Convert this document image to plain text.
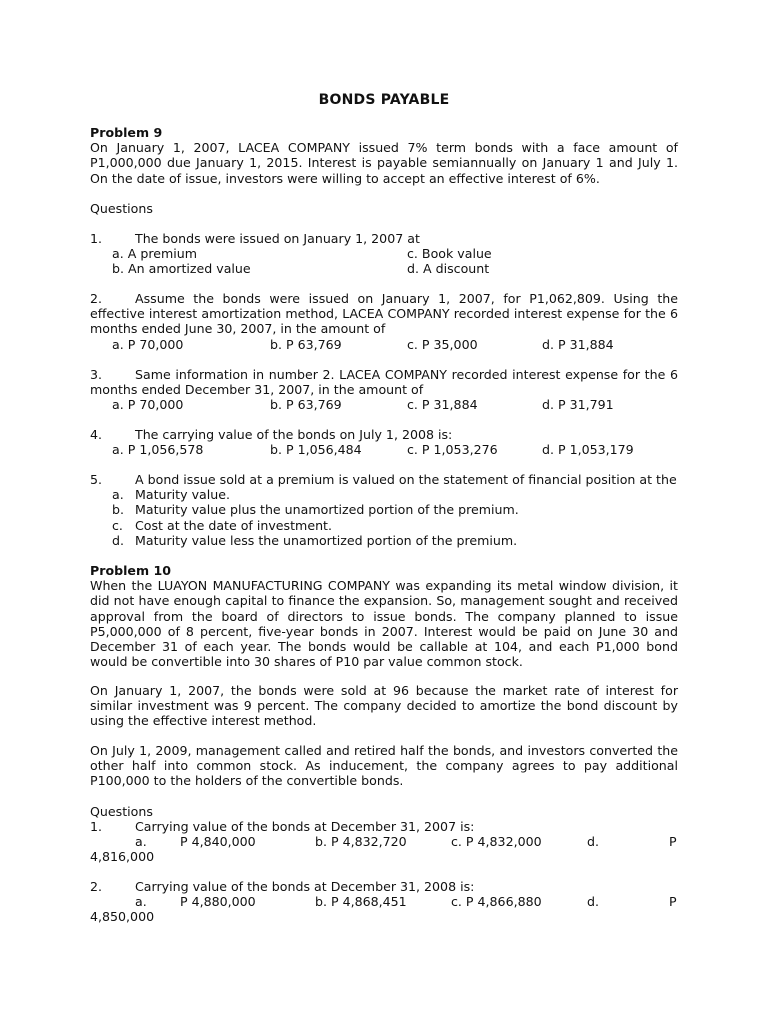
BONDS PAYABLE
Problem 9
On January 1, 2007, LACEA COMPANY issued 7% term bonds with a face amount of P1,000,000 due January 1, 2015. Interest is payable semiannually on January 1 and July 1. On the date of issue, investors were willing to accept an effective interest of 6%.
Questions
1.	The bonds were issued on January 1, 2007 at
a. A premium	c. Book value
b. An amortized value	d. A discount
2.	Assume the bonds were issued on January 1, 2007, for P1,062,809. Using the effective interest amortization method, LACEA COMPANY recorded interest expense for the 6 months ended June 30, 2007, in the amount of
a. P 70,000	b. P 63,769	c. P 35,000	d. P 31,884
3.	Same information in number 2. LACEA COMPANY recorded interest expense for the 6 months ended December 31, 2007, in the amount of
a. P 70,000	b. P 63,769	c. P 31,884	d. P 31,791
4.	The carrying value of the bonds on July 1, 2008 is:
a. P 1,056,578	b. P 1,056,484	c. P 1,053,276	d. P 1,053,179
5.	A bond issue sold at a premium is valued on the statement of financial position at the
a. Maturity value.
b. Maturity value plus the unamortized portion of the premium.
c. Cost at the date of investment.
d. Maturity value less the unamortized portion of the premium.
Problem 10
When the LUAYON MANUFACTURING COMPANY was expanding its metal window division, it did not have enough capital to finance the expansion. So, management sought and received approval from the board of directors to issue bonds. The company planned to issue P5,000,000 of 8 percent, five-year bonds in 2007. Interest would be paid on June 30 and December 31 of each year. The bonds would be callable at 104, and each P1,000 bond would be convertible into 30 shares of P10 par value common stock.
On January 1, 2007, the bonds were sold at 96 because the market rate of interest for similar investment was 9 percent. The company decided to amortize the bond discount by using the effective interest method.
On July 1, 2009, management called and retired half the bonds, and investors converted the other half into common stock. As inducement, the company agrees to pay additional P100,000 to the holders of the convertible bonds.
Questions
1.	Carrying value of the bonds at December 31, 2007 is:
a.	P 4,840,000	b. P 4,832,720	c. P 4,832,000	d.	P
4,816,000
2.	Carrying value of the bonds at December 31, 2008 is:
a.	P 4,880,000	b. P 4,868,451	c. P 4,866,880	d.	P
4,850,000
